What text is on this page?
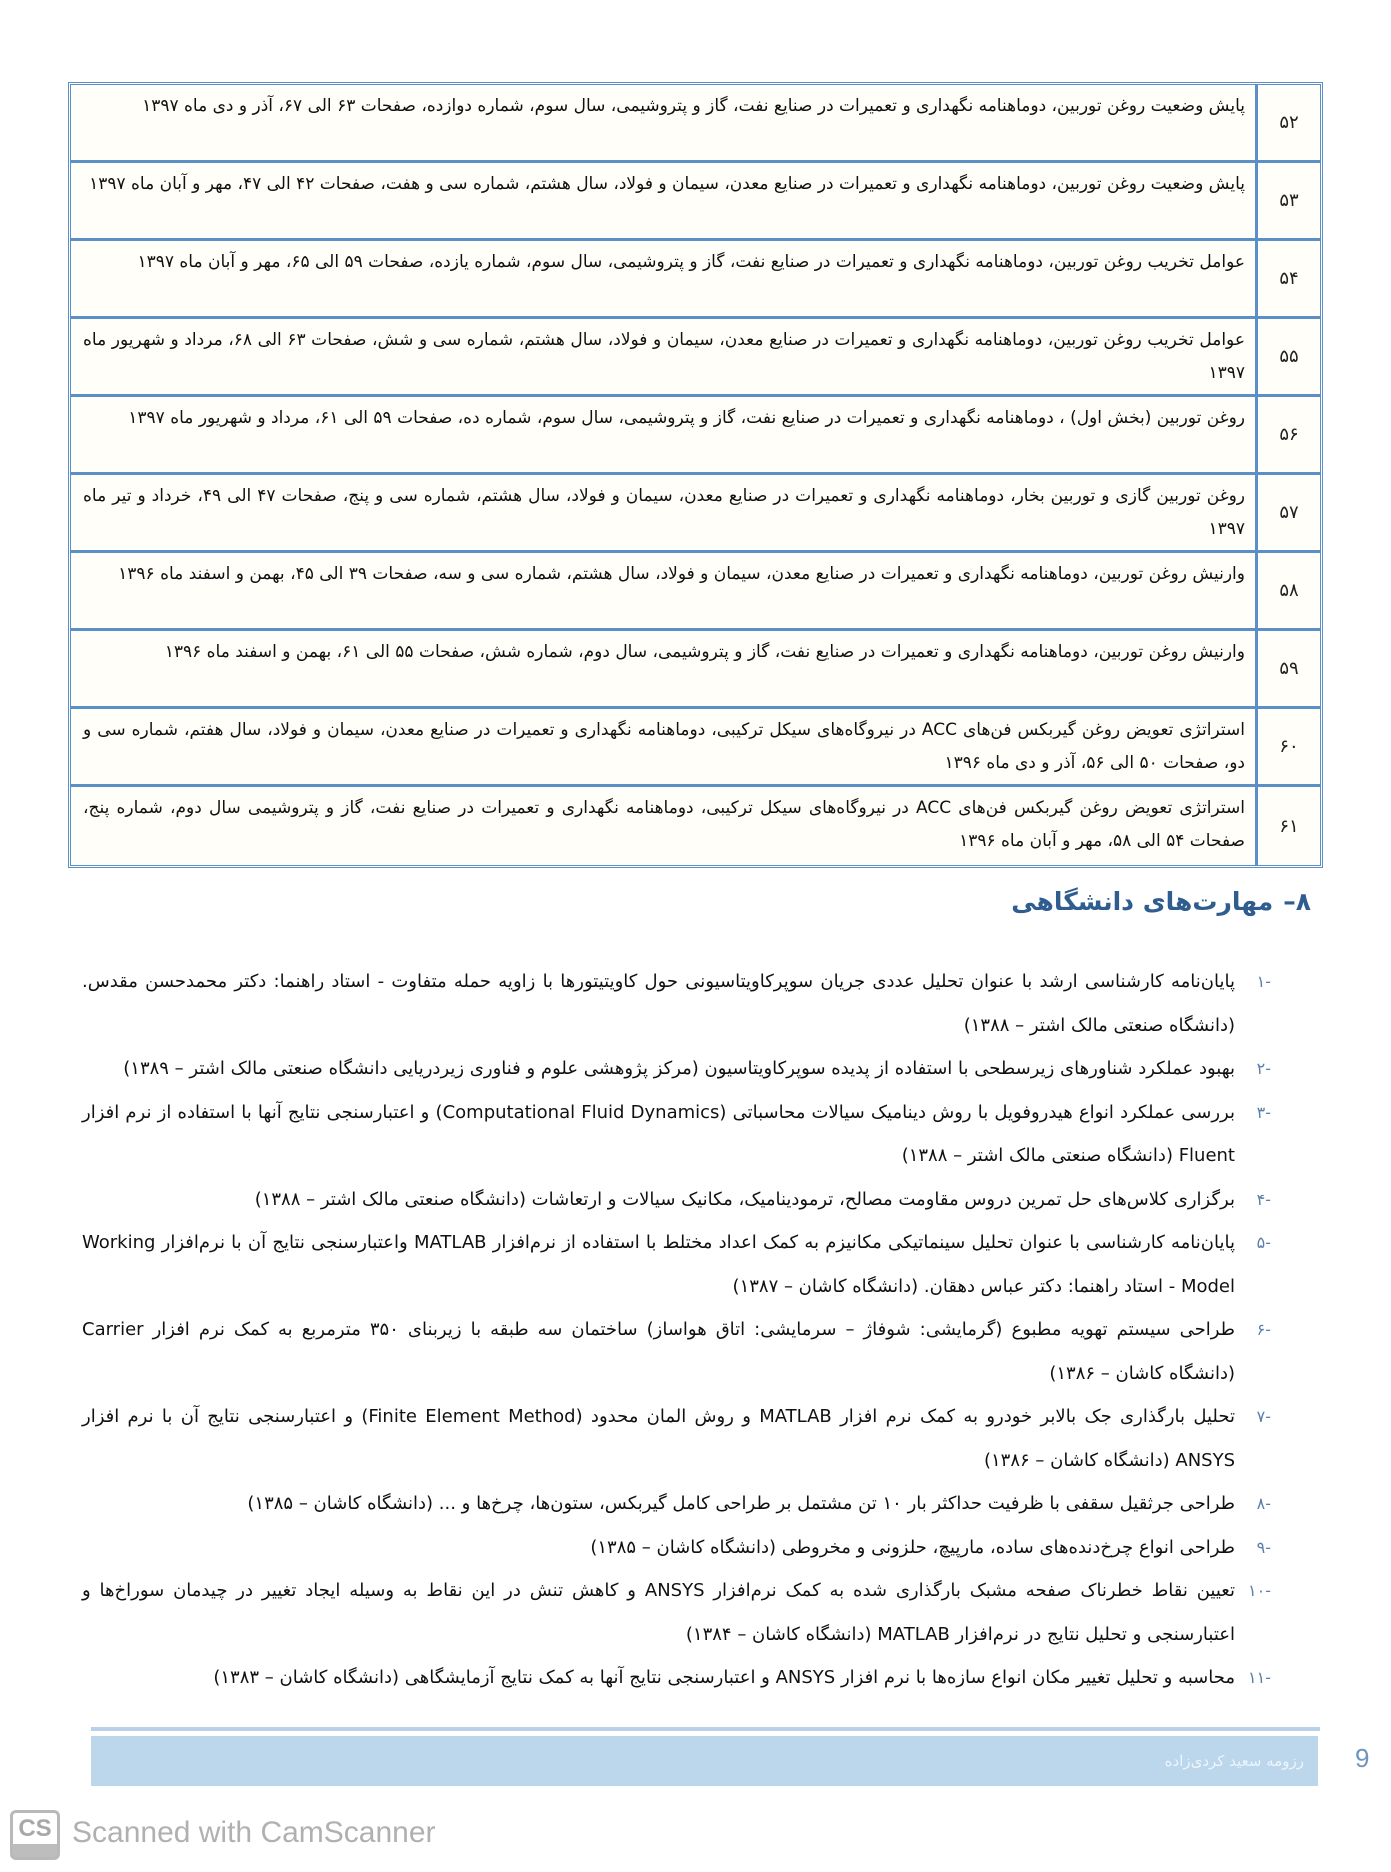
۵۲
پایش وضعیت روغن توربین، دوماهنامه نگهداری و تعمیرات در صنایع نفت، گاز و پتروشیمی، سال سوم، شماره دوازده، صفحات ۶۳ الی ۶۷، آذر و دی ماه ۱۳۹۷
۵۳
پایش وضعیت روغن توربین، دوماهنامه نگهداری و تعمیرات در صنایع معدن، سیمان و فولاد، سال هشتم، شماره سی و هفت، صفحات ۴۲ الی ۴۷، مهر و آبان ماه ۱۳۹۷
۵۴
عوامل تخریب روغن توربین، دوماهنامه نگهداری و تعمیرات در صنایع نفت، گاز و پتروشیمی، سال سوم، شماره یازده، صفحات ۵۹ الی ۶۵، مهر و آبان ماه ۱۳۹۷
۵۵
عوامل تخریب روغن توربین، دوماهنامه نگهداری و تعمیرات در صنایع معدن، سیمان و فولاد، سال هشتم، شماره سی و شش، صفحات ۶۳ الی ۶۸، مرداد و شهریور ماه ۱۳۹۷
۵۶
روغن توربین (بخش اول) ، دوماهنامه نگهداری و تعمیرات در صنایع نفت، گاز و پتروشیمی، سال سوم، شماره ده، صفحات ۵۹ الی ۶۱، مرداد و شهریور ماه ۱۳۹۷
۵۷
روغن توربین گازی و توربین بخار، دوماهنامه نگهداری و تعمیرات در صنایع معدن، سیمان و فولاد، سال هشتم، شماره سی و پنج، صفحات ۴۷ الی ۴۹، خرداد و تیر ماه ۱۳۹۷
۵۸
وارنیش روغن توربین، دوماهنامه نگهداری و تعمیرات در صنایع معدن، سیمان و فولاد، سال هشتم، شماره سی و سه، صفحات ۳۹ الی ۴۵، بهمن و اسفند ماه ۱۳۹۶
۵۹
وارنیش روغن توربین، دوماهنامه نگهداری و تعمیرات در صنایع نفت، گاز و پتروشیمی، سال دوم، شماره شش، صفحات ۵۵ الی ۶۱، بهمن و اسفند ماه ۱۳۹۶
۶۰
استراتژی تعویض روغن گیربکس فن‌های ACC در نیروگاه‌های سیکل ترکیبی، دوماهنامه نگهداری و تعمیرات در صنایع معدن، سیمان و فولاد، سال هفتم، شماره سی و دو، صفحات ۵۰ الی ۵۶، آذر و دی ماه ۱۳۹۶
۶۱
استراتژی تعویض روغن گیربکس فن‌های ACC در نیروگاه‌های سیکل ترکیبی، دوماهنامه نگهداری و تعمیرات در صنایع نفت، گاز و پتروشیمی سال دوم، شماره پنج، صفحات ۵۴ الی ۵۸، مهر و آبان ماه ۱۳۹۶
۸–
مهارت‌های دانشگاهی
-۱
پایان‌نامه کارشناسی ارشد با عنوان تحلیل عددی جریان سوپرکاویتاسیونی حول کاویتیتورها با زاویه حمله متفاوت - استاد راهنما: دکتر محمدحسن مقدس. (دانشگاه صنعتی مالک اشتر – ۱۳۸۸)
-۲
بهبود عملکرد شناورهای زیرسطحی با استفاده از پدیده سوپرکاویتاسیون (مرکز پژوهشی علوم و فناوری زیردریایی دانشگاه صنعتی مالک اشتر – ۱۳۸۹)
-۳
بررسی عملکرد انواع هیدروفویل با روش دینامیک سیالات محاسباتی (Computational Fluid Dynamics) و اعتبارسنجی نتایج آنها با استفاده از نرم افزار Fluent (دانشگاه صنعتی مالک اشتر – ۱۳۸۸)
-۴
برگزاری کلاس‌های حل تمرین دروس مقاومت مصالح، ترمودینامیک، مکانیک سیالات و ارتعاشات (دانشگاه صنعتی مالک اشتر – ۱۳۸۸)
-۵
پایان‌نامه کارشناسی با عنوان تحلیل سینماتیکی مکانیزم به کمک اعداد مختلط با استفاده از نرم‌افزار MATLAB واعتبارسنجی نتایج آن با نرم‌افزار Working Model - استاد راهنما: دکتر عباس دهقان. (دانشگاه کاشان – ۱۳۸۷)
-۶
طراحی سیستم تهویه مطبوع (گرمایشی: شوفاژ – سرمایشی: اتاق هواساز) ساختمان سه طبقه با زیربنای ۳۵۰ مترمربع به کمک نرم افزار Carrier (دانشگاه کاشان – ۱۳۸۶)
-۷
تحلیل بارگذاری جک بالابر خودرو به کمک نرم افزار MATLAB و روش المان محدود (Finite Element Method) و اعتبارسنجی نتایج آن با نرم افزار ANSYS (دانشگاه کاشان – ۱۳۸۶)
-۸
طراحی جرثقیل سقفی با ظرفیت حداکثر بار ۱۰ تن مشتمل بر طراحی کامل گیربکس، ستون‌ها، چرخ‌ها و ... (دانشگاه کاشان – ۱۳۸۵)
-۹
طراحی انواع چرخ‌دنده‌های ساده، مارپیچ، حلزونی و مخروطی (دانشگاه کاشان – ۱۳۸۵)
-۱۰
تعیین نقاط خطرناک صفحه مشبک بارگذاری شده به کمک نرم‌افزار ANSYS و کاهش تنش در این نقاط به وسیله ایجاد تغییر در چیدمان سوراخ‌ها و اعتبارسنجی و تحلیل نتایج در نرم‌افزار MATLAB (دانشگاه کاشان – ۱۳۸۴)
-۱۱
محاسبه و تحلیل تغییر مکان انواع سازه‌ها با نرم افزار ANSYS و اعتبارسنجی نتایج آنها به کمک نتایج آزمایشگاهی (دانشگاه کاشان – ۱۳۸۳)
رزومه سعید کردی‌زاده	9
CS Scanned with CamScanner
